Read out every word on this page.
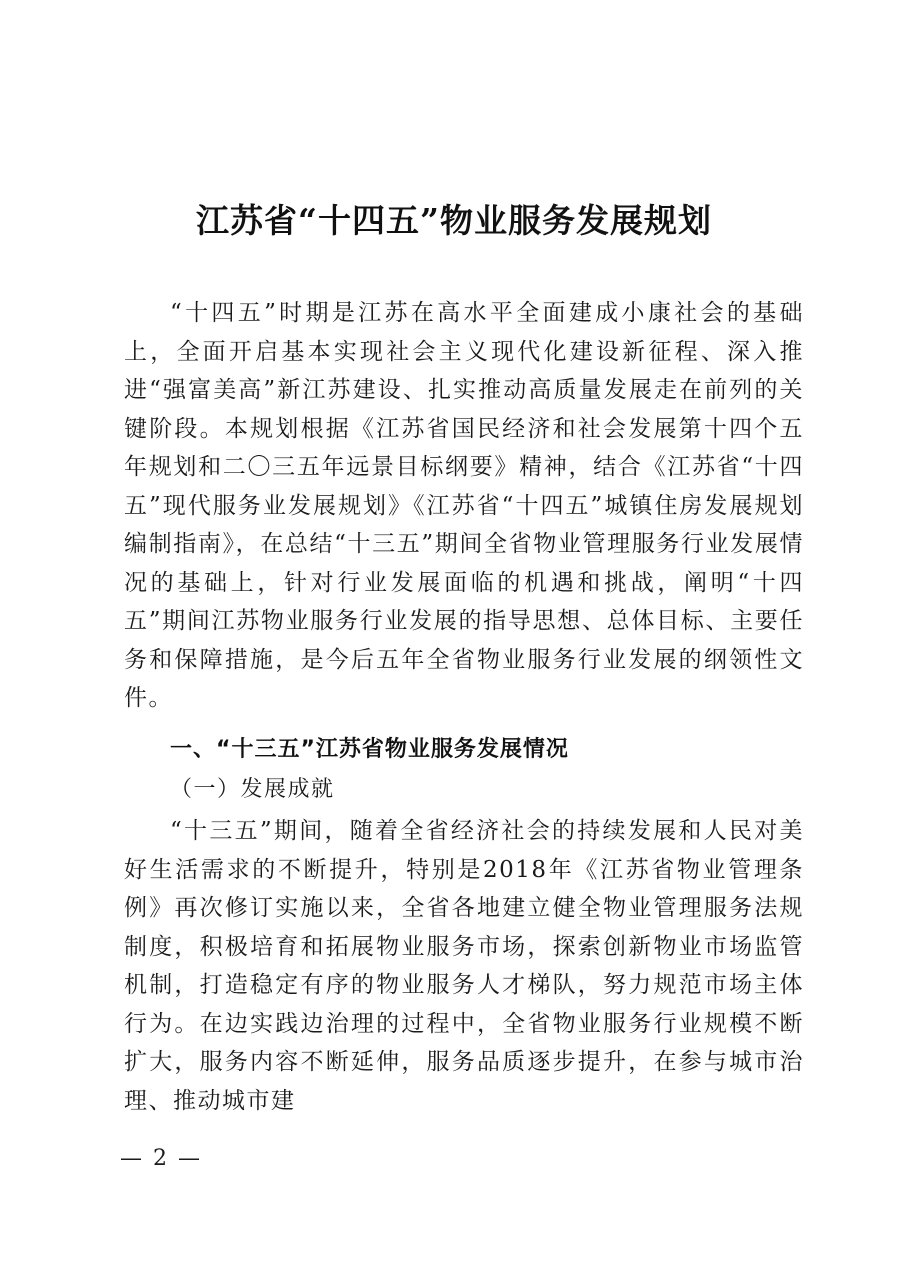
江苏省“十四五”物业服务发展规划

“十四五”时期是江苏在高水平全面建成小康社会的基础上，全面开启基本实现社会主义现代化建设新征程、深入推进“强富美高”新江苏建设、扎实推动高质量发展走在前列的关键阶段。本规划根据《江苏省国民经济和社会发展第十四个五年规划和二〇三五年远景目标纲要》精神，结合《江苏省“十四五”现代服务业发展规划》《江苏省“十四五”城镇住房发展规划编制指南》，在总结“十三五”期间全省物业管理服务行业发展情况的基础上，针对行业发展面临的机遇和挑战，阐明“十四五”期间江苏物业服务行业发展的指导思想、总体目标、主要任务和保障措施，是今后五年全省物业服务行业发展的纲领性文件。

一、“十三五”江苏省物业服务发展情况
（一）发展成就

“十三五”期间，随着全省经济社会的持续发展和人民对美好生活需求的不断提升，特别是2018年《江苏省物业管理条例》再次修订实施以来，全省各地建立健全物业管理服务法规制度，积极培育和拓展物业服务市场，探索创新物业市场监管机制，打造稳定有序的物业服务人才梯队，努力规范市场主体行为。在边实践边治理的过程中，全省物业服务行业规模不断扩大，服务内容不断延伸，服务品质逐步提升，在参与城市治理、推动城市建

— 2 —
